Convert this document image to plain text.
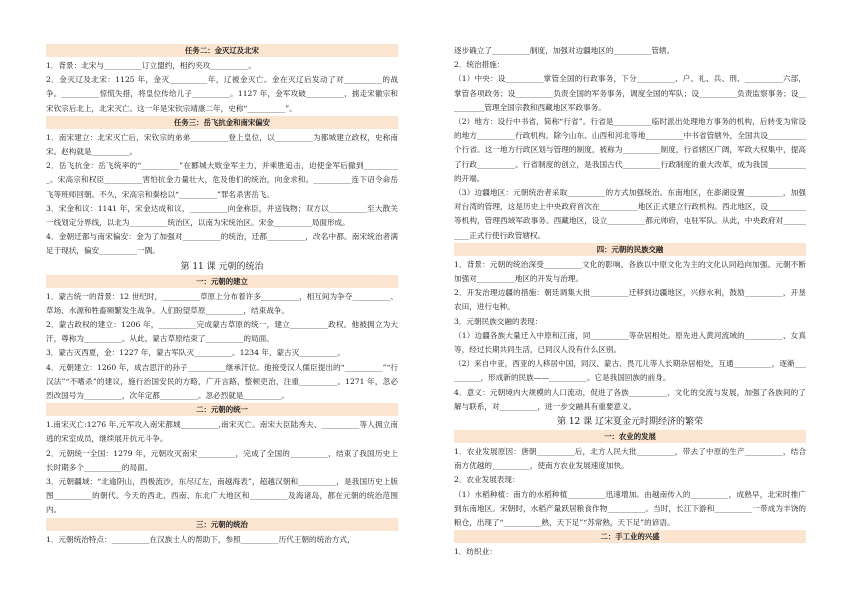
任务二：金灭辽及北宋

1．背景：北宋与__________订立盟约，相约夹攻__________。

2．金灭辽及北宋：1125 年，金灭__________年，辽被金灭亡。金在灭辽后发动了对__________的战争。__________惊慌失措，将皇位传给儿子__________。1127 年，金军攻破__________，掳走宋徽宗和宋钦宗后北上，北宋灭亡。这一年是宋钦宗靖康二年，史称“__________”。

任务三：岳飞抗金和南宋偏安

1．南宋建立：北宋灭亡后，宋钦宗的弟弟__________登上皇位，以__________为都城建立政权，史称南宋。赵构就是__________。

2．岳飞抗金：岳飞统率的“__________”在郾城大败金军主力，并乘胜追击，迫使金军后撤到__________。宋高宗和权臣__________害怕抗金力量壮大，危及他们的统治，向金求和。__________连下诏令命岳飞等班师回朝。不久，宋高宗和秦桧以“__________”罪名杀害岳飞。

3．宋金和议：1141 年，宋金达成和议，__________向金称臣，并送钱物；双方以__________至大散关一线划定分界线，以北为__________统治区，以南为宋统治区。宋金__________局面形成。

4．金朝迁都与南宋偏安：金为了加强对__________的统治，迁都__________，改名中都。南宋统治者满足于现状，偏安__________一隅。

第 11 课 元朝的统治
一：元朝的建立

1．蒙古统一的背景：12 世纪时，__________草原上分布着许多__________，相互间为争夺__________、草场、水源和牲畜频繁发生战争。人们盼望草原__________，结束战争。

2．蒙古政权的建立：1206 年，__________完成蒙古草原的统一，建立__________政权。他被拥立为大汗，尊称为__________。从此，蒙古草原结束了__________的局面。

3．蒙古灭西夏，金：1227 年，蒙古军队灭__________。1234 年，蒙古灭__________。

4．元朝建立：1260 年，成吉思汗的孙子__________继承汗位。他接受汉人儒臣提出的“__________”“行汉法”“不嗜杀”的建议，施行治国安民的方略，广开言路，整顿吏治，注重__________。1271 年，忽必烈改国号为__________，次年定都__________。忽必烈就是__________。

二：元朝的统一

1.南宋灭亡:1276 年,元军攻入南宋都城__________,南宋灭亡。南宋大臣陆秀夫、__________等人拥立南逃的宋室成员，继续展开抗元斗争。

2．元朝统一全国：1279 年，元朝攻灭南宋__________，完成了全国的__________，结束了我国历史上长时期多个__________的局面。

3．元朝疆域：“北逾阴山，西极流沙，东尽辽左，南越海表”，超越汉朝和__________，是我国历史上版图__________的朝代。今天的西北、西南、东北广大地区和__________及海诸岛，都在元朝的统治范围内。

三：元朝的统治

1．元朝统治特点：__________在汉族士人的帮助下，参照__________历代王朝的统治方式，

逐步确立了__________制度，加强对边疆地区的__________管辖。

2．统治措施：

（1）中央：设__________掌管全国的行政事务，下分__________、户、礼、兵、刑、__________六部，掌管各项政务；设__________负责全国的军务事务，调度全国的军队；设__________负责监察事务；设__________管理全国宗教和西藏地区军政事务。

（2）地方：设行中书省，简称“行省”。行省是__________临时派出处理地方事务的机构，后转变为常设的地方__________行政机构。除今山东、山西和河北等地__________中书省管辖外，全国共设__________个行省。这一地方行政区划与管理的制度，被称为__________制度，行省辖区广阔，军政大权集中，提高了行政__________。行省制度的创立，是我国古代__________行政制度的重大改革，成为我国__________的开端。

（3）边疆地区：元朝统治者采取__________的方式加强统治。东南地区，在澎湖设置__________，加强对台湾的管理，这是历史上中央政府首次在__________地区正式建立行政机构。西北地区，设__________等机构，管理西域军政事务。西藏地区，设立__________都元帅府，屯驻军队。从此，中央政府对__________正式行使行政管辖权。

四：元朝的民族交融

1．背景：元朝的统治深受__________文化的影响，各族以中原文化为主的文化认同趋向加强。元朝不断加强对__________地区的开发与治理。

2．开发治理边疆的措施：朝廷调集大批__________迁移到边疆地区，兴修水利，鼓励__________，开垦农田，进行屯种。

3．元朝民族交融的表现：

（1）边疆各族大量迁入中原和江南，同__________等杂居相处。原先进入黄河流域的__________、女真等，经过长期共同生活，已同汉人没有什么区别。

（2）来自中亚，西亚的人移居中国，同汉、蒙古、畏兀儿等人长期杂居相处，互通__________，逐渐__________，形成新的民族——__________。它是我国回族的前身。

4．意义：元朝境内大规模的人口流动，促进了各族__________、文化的交流与发展，加强了各族间的了解与联系，对__________，进一步交融具有重要意义。

第 12 课 辽宋夏金元时期经济的繁荣
一：农业的发展

1．农业发展原因：唐朝__________后，北方人民大批__________，带去了中原的生产__________，结合南方优越的__________，使南方农业发展速度加快。

2．农业发展表现：

（1）水稻种植：南方的水稻种植__________迅速增加。由越南传入的__________，成熟早，北宋时推广到东南地区。宋朝时，水稻产量跃居粮食作物__________。当时，长江下游和__________一带成为丰饶的粮仓，出现了“__________熟，天下足”“苏常熟，天下足”的谚语。

二：手工业的兴盛

1．纺织业：
